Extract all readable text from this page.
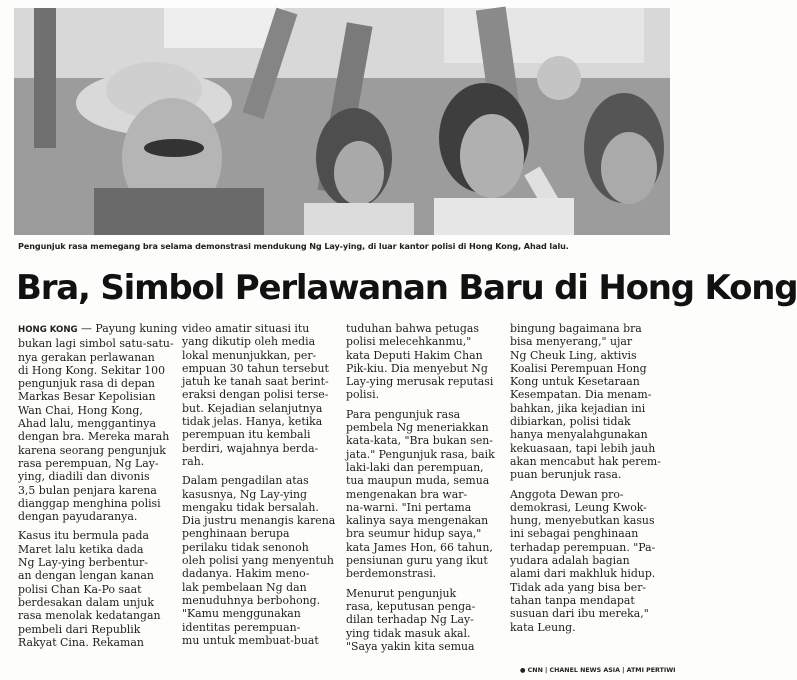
Pengunjuk rasa memegang bra selama demonstrasi mendukung Ng Lay-ying, di luar kantor polisi di Hong Kong, Ahad lalu.
Bra, Simbol Perlawanan Baru di Hong Kong

HONG KONG — Payung kuning

bukan lagi simbol satu-satu-

nya gerakan perlawanan

di Hong Kong. Sekitar 100

pengunjuk rasa di depan

Markas Besar Kepolisian

Wan Chai, Hong Kong,

Ahad lalu, menggantinya

dengan bra. Mereka marah

karena seorang pengunjuk

rasa perempuan, Ng Lay-

ying, diadili dan divonis

3,5 bulan penjara karena

dianggap menghina polisi

dengan payudaranya.

Kasus itu bermula pada

Maret lalu ketika dada

Ng Lay-ying berbentur-

an dengan lengan kanan

polisi Chan Ka-Po saat

berdesakan dalam unjuk

rasa menolak kedatangan

pembeli dari Republik

Rakyat Cina. Rekaman

video amatir situasi itu

yang dikutip oleh media

lokal menunjukkan, per-

empuan 30 tahun tersebut

jatuh ke tanah saat berint-

eraksi dengan polisi terse-

but. Kejadian selanjutnya

tidak jelas. Hanya, ketika

perempuan itu kembali

berdiri, wajahnya berda-

rah.

Dalam pengadilan atas

kasusnya, Ng Lay-ying

mengaku tidak bersalah.

Dia justru menangis karena

penghinaan berupa

perilaku tidak senonoh

oleh polisi yang menyentuh

dadanya. Hakim meno-

lak pembelaan Ng dan

menuduhnya berbohong.

"Kamu menggunakan

identitas perempuan-

mu untuk membuat-buat

tuduhan bahwa petugas

polisi melecehkanmu,"

kata Deputi Hakim Chan

Pik-kiu. Dia menyebut Ng

Lay-ying merusak reputasi

polisi.

Para pengunjuk rasa

pembela Ng meneriakkan

kata-kata, "Bra bukan sen-

jata." Pengunjuk rasa, baik

laki-laki dan perempuan,

tua maupun muda, semua

mengenakan bra war-

na-warni. "Ini pertama

kalinya saya mengenakan

bra seumur hidup saya,"

kata James Hon, 66 tahun,

pensiunan guru yang ikut

berdemonstrasi.

Menurut pengunjuk

rasa, keputusan penga-

dilan terhadap Ng Lay-

ying tidak masuk akal.

"Saya yakin kita semua

bingung bagaimana bra

bisa menyerang," ujar

Ng Cheuk Ling, aktivis

Koalisi Perempuan Hong

Kong untuk Kesetaraan

Kesempatan. Dia menam-

bahkan, jika kejadian ini

dibiarkan, polisi tidak

hanya menyalahgunakan

kekuasaan, tapi lebih jauh

akan mencabut hak perem-

puan berunjuk rasa.

Anggota Dewan pro-

demokrasi, Leung Kwok-

hung, menyebutkan kasus

ini sebagai penghinaan

terhadap perempuan. "Pa-

yudara adalah bagian

alami dari makhluk hidup.

Tidak ada yang bisa ber-

tahan tanpa mendapat

susuan dari ibu mereka,"

kata Leung.

● CNN | CHANEL NEWS ASIA | ATMI PERTIWI
